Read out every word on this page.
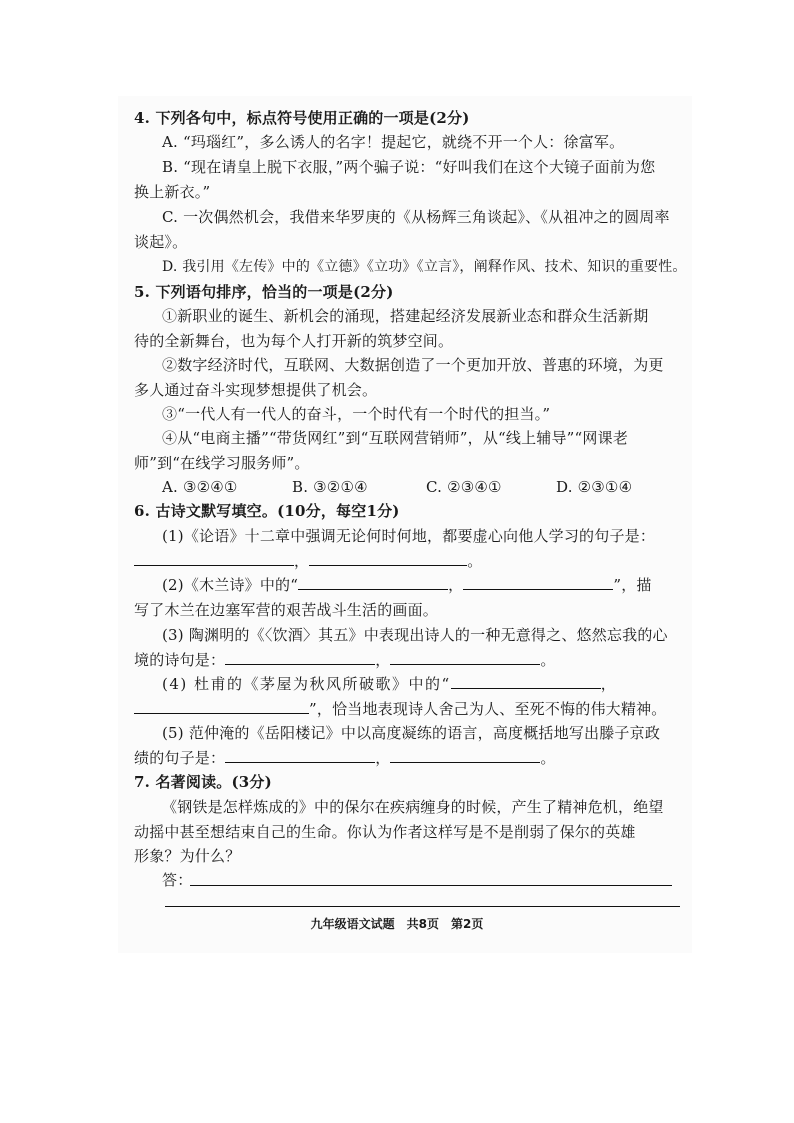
4. 下列各句中，标点符号使用正确的一项是(2分)
A. “玛瑙红”，多么诱人的名字！提起它，就绕不开一个人：徐富军。
B. “现在请皇上脱下衣服，”两个骗子说：“好叫我们在这个大镜子面前为您
换上新衣。”
C. 一次偶然机会，我借来华罗庚的《从杨辉三角谈起》、《从祖冲之的圆周率
谈起》。
D. 我引用《左传》中的《立德》《立功》《立言》，阐释作风、技术、知识的重要性。
5. 下列语句排序，恰当的一项是(2分)
①新职业的诞生、新机会的涌现，搭建起经济发展新业态和群众生活新期
待的全新舞台，也为每个人打开新的筑梦空间。
②数字经济时代，互联网、大数据创造了一个更加开放、普惠的环境，为更
多人通过奋斗实现梦想提供了机会。
③“一代人有一代人的奋斗，一个时代有一个时代的担当。”
④从“电商主播”“带货网红”到“互联网营销师”，从“线上辅导”“网课老
师”到“在线学习服务师”。
A. ③②④①	B. ③②①④	C. ②③④①	D. ②③①④
6. 古诗文默写填空。(10分，每空1分)
(1)《论语》十二章中强调无论何时何地，都要虚心向他人学习的句子是：
，	。
(2)《木兰诗》中的“	，	”，描
写了木兰在边塞军营的艰苦战斗生活的画面。
(3) 陶渊明的《〈饮酒〉其五》中表现出诗人的一种无意得之、悠然忘我的心
境的诗句是：	，	。
(4) 杜甫的《茅屋为秋风所破歌》中的“	，
”，恰当地表现诗人舍己为人、至死不悔的伟大精神。
(5) 范仲淹的《岳阳楼记》中以高度凝练的语言，高度概括地写出滕子京政
绩的句子是：	，	。
7. 名著阅读。(3分)
《钢铁是怎样炼成的》中的保尔在疾病缠身的时候，产生了精神危机，绝望
动摇中甚至想结束自己的生命。你认为作者这样写是不是削弱了保尔的英雄
形象？为什么？
答：
九年级语文试题　共8页　第2页
